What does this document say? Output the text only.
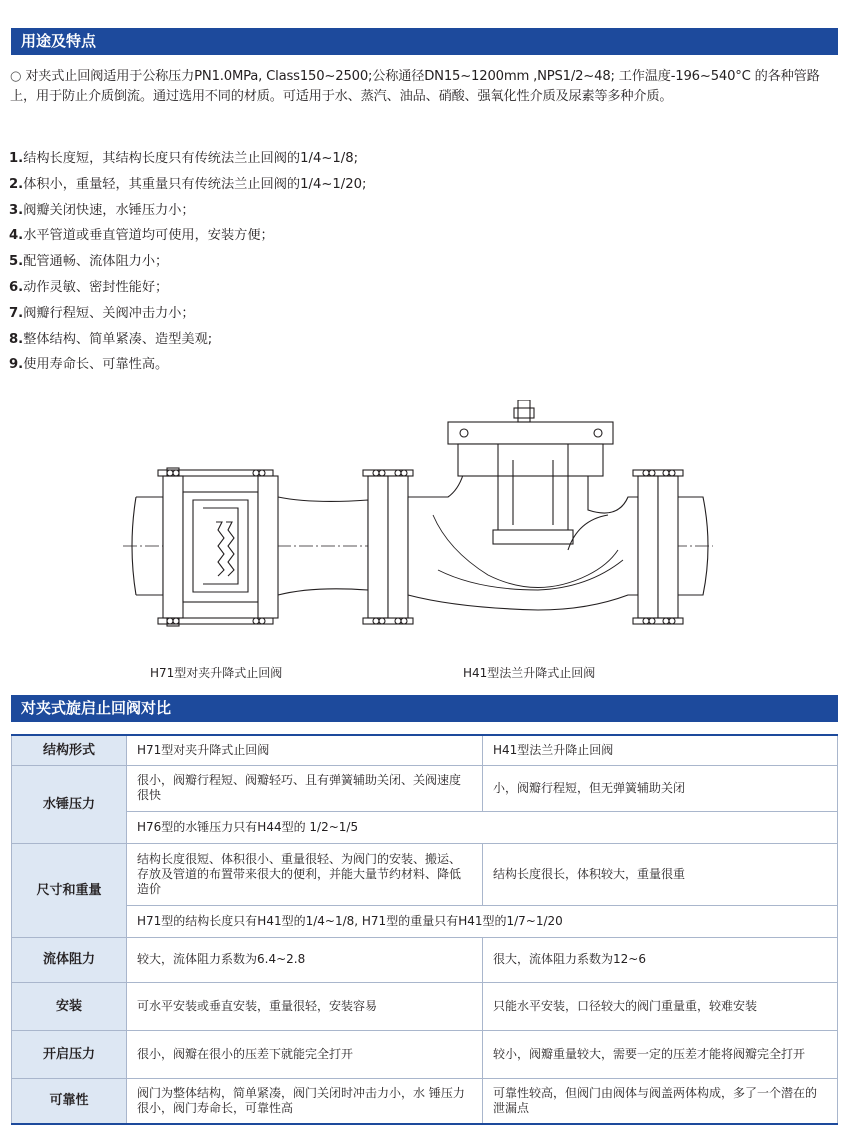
用途及特点

○ 对夹式止回阀适用于公称压力PN1.0MPa, Class150~2500;公称通径DN15~1200mm ,NPS1/2~48; 工作温度-196~540°C 的各种管路上，用于防止介质倒流。通过选用不同的材质。可适用于水、蒸汽、油品、硝酸、强氧化性介质及尿素等多种介质。

1.结构长度短，其结构长度只有传统法兰止回阀的1/4~1/8;
2.体积小，重量轻，其重量只有传统法兰止回阀的1/4~1/20;
3.阀瓣关闭快速，水锤压力小；
4.水平管道或垂直管道均可使用，安装方便；
5.配管通畅、流体阻力小；
6.动作灵敏、密封性能好；
7.阀瓣行程短、关阀冲击力小；
8.整体结构、简单紧凑、造型美观;
9.使用寿命长、可靠性高。
H71型对夹升降式止回阀	H41型法兰升降式止回阀
对夹式旋启止回阀对比
结构形式	H71型对夹升降式止回阀	H41型法兰升降止回阀
水锤压力	很小，阀瓣行程短、阀瓣轻巧、且有弹簧辅助关闭、关阀速度很快	小，阀瓣行程短，但无弹簧辅助关闭
	H76型的水锤压力只有H44型的 1/2~1/5	
尺寸和重量	结构长度很短、体积很小、重量很轻、为阀门的安装、搬运、存放及管道的布置带来很大的便利，并能大量节约材料、降低造价	结构长度很长，体积较大，重量很重
	H71型的结构长度只有H41型的1/4~1/8, H71型的重量只有H41型的1/7~1/20	
流体阻力	较大，流体阻力系数为6.4~2.8	很大，流体阻力系数为12~6
安装	可水平安装或垂直安装，重量很轻，安装容易	只能水平安装，口径较大的阀门重量重，较难安装
开启压力	很小，阀瓣在很小的压差下就能完全打开	较小，阀瓣重量较大，需要一定的压差才能将阀瓣完全打开
可靠性	阀门为整体结构，简单紧凑，阀门关闭时冲击力小，水 锤压力很小，阀门寿命长，可靠性高	可靠性较高，但阀门由阀体与阀盖两体构成，多了一个潜在的泄漏点
